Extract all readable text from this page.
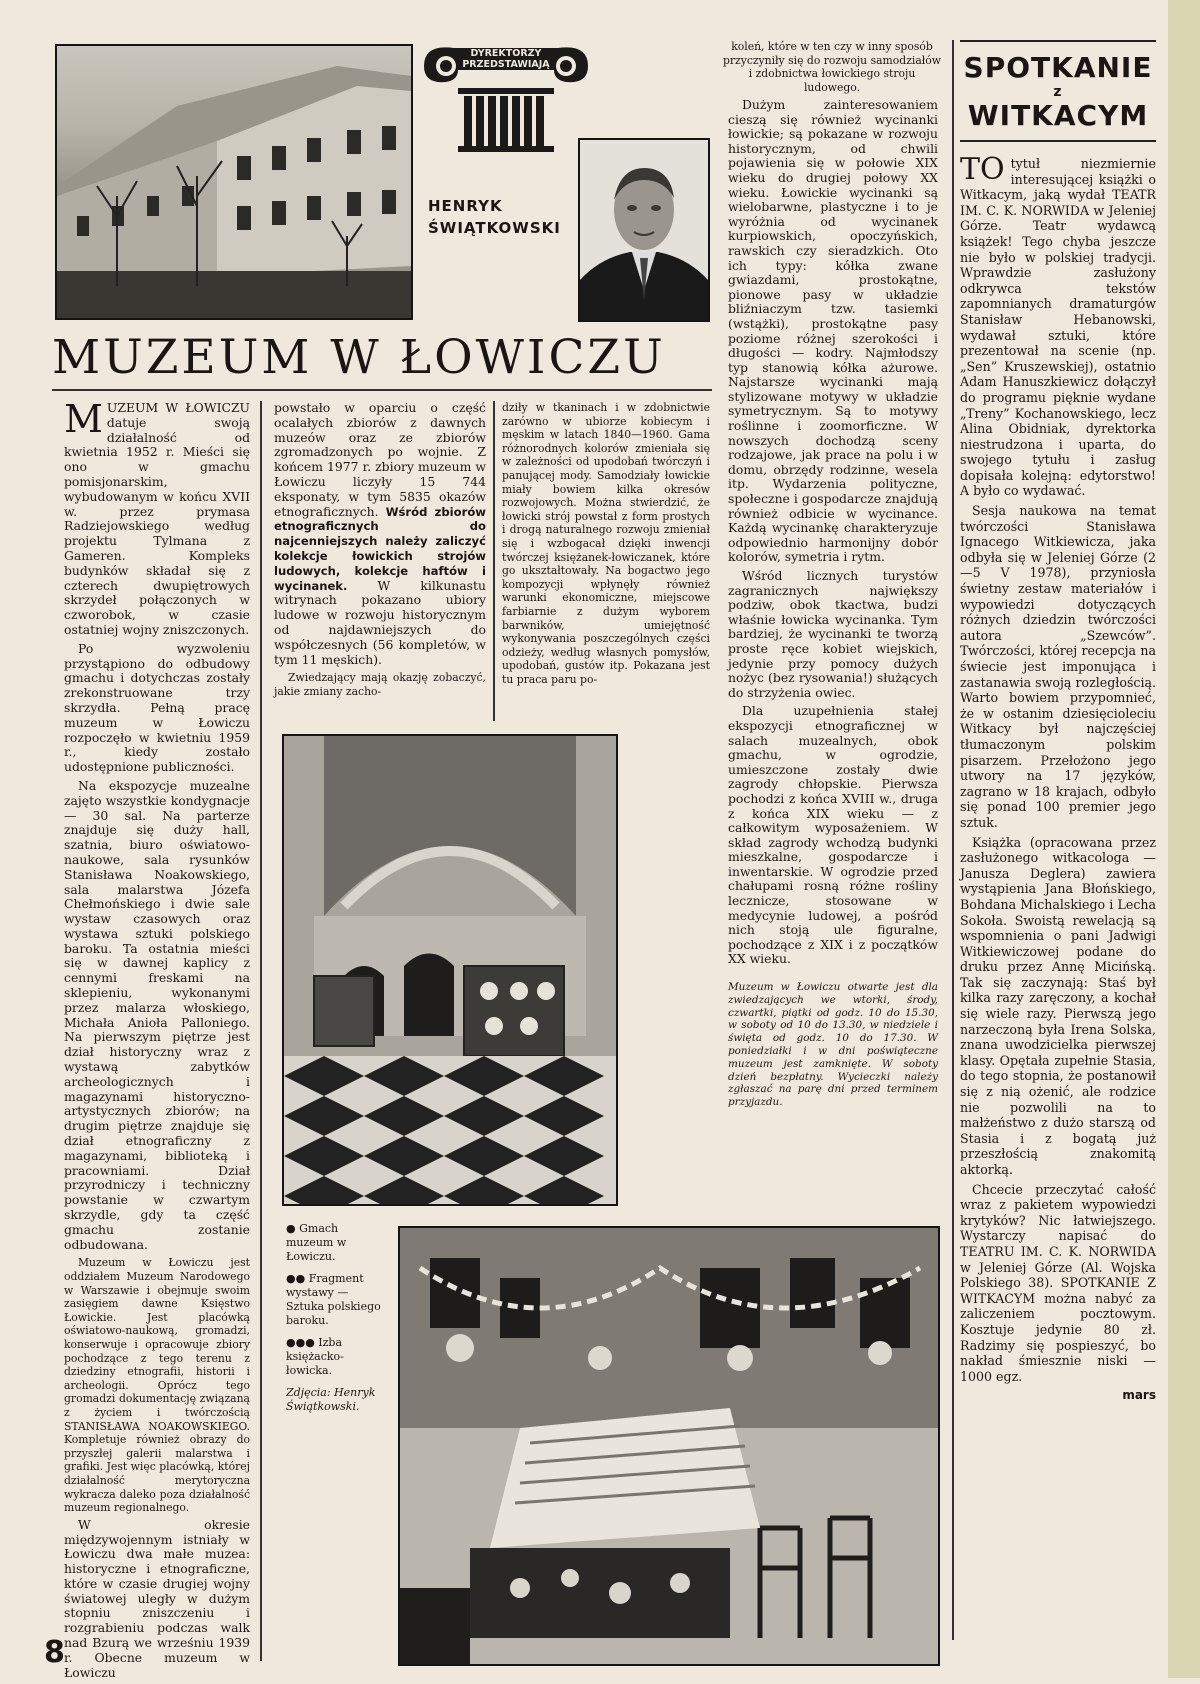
DYREKTORZY PRZEDSTAWIAJĄ MUZEA
HENRYK ŚWIĄTKOWSKI
MUZEUM W ŁOWICZU

MUZEUM W ŁOWICZU datuje swoją działalność od kwietnia 1952 r. Mieści się ono w gmachu pomisjonarskim, wybudowanym w końcu XVII w. przez prymasa Radziejowskiego według projektu Tylmana z Gameren. Kompleks budynków składał się z czterech dwupiętrowych skrzydeł połączonych w czworobok, w czasie ostatniej wojny zniszczonych.

Po wyzwoleniu przystąpiono do odbudowy gmachu i dotychczas zostały zrekonstruowane trzy skrzydła. Pełną pracę muzeum w Łowiczu rozpoczęło w kwietniu 1959 r., kiedy zostało udostępnione publiczności.

Na ekspozycje muzealne zajęto wszystkie kondygnacje — 30 sal. Na parterze znajduje się duży hall, szatnia, biuro oświatowo-naukowe, sala rysunków Stanisława Noakowskiego, sala malarstwa Józefa Chełmońskiego i dwie sale wystaw czasowych oraz wystawa sztuki polskiego baroku. Ta ostatnia mieści się w dawnej kaplicy z cennymi freskami na sklepieniu, wykonanymi przez malarza włoskiego, Michała Anioła Palloniego. Na pierwszym piętrze jest dział historyczny wraz z wystawą zabytków archeologicznych i magazynami historyczno-artystycznych zbiorów; na drugim piętrze znajduje się dział etnograficzny z magazynami, biblioteką i pracowniami. Dział przyrodniczy i techniczny powstanie w czwartym skrzydle, gdy ta część gmachu zostanie odbudowana.

Muzeum w Łowiczu jest oddziałem Muzeum Narodowego w Warszawie i obejmuje swoim zasięgiem dawne Księstwo Łowickie. Jest placówką oświatowo-naukową, gromadzi, konserwuje i opracowuje zbiory pochodzące z tego terenu z dziedziny etnografii, historii i archeologii. Oprócz tego gromadzi dokumentację związaną z życiem i twórczością STANISŁAWA NOAKOWSKIEGO. Kompletuje również obrazy do przyszłej galerii malarstwa i grafiki. Jest więc placówką, której działalność merytoryczna wykracza daleko poza działalność muzeum regionalnego.

W okresie międzywojennym istniały w Łowiczu dwa małe muzea: historyczne i etnograficzne, które w czasie drugiej wojny światowej uległy w dużym stopniu zniszczeniu i rozgrabieniu podczas walk nad Bzurą we wrześniu 1939 r. Obecne muzeum w Łowiczu

powstało w oparciu o część ocalałych zbiorów z dawnych muzeów oraz ze zbiorów zgromadzonych po wojnie. Z końcem 1977 r. zbiory muzeum w Łowiczu liczyły 15 744 eksponaty, w tym 5835 okazów etnograficznych. Wśród zbiorów etnograficznych do najcenniejszych należy zaliczyć kolekcje łowickich strojów ludowych, kolekcje haftów i wycinanek. W kilkunastu witrynach pokazano ubiory ludowe w rozwoju historycznym od najdawniejszych do współczesnych (56 kompletów, w tym 11 męskich).

Zwiedzający mają okazję zobaczyć, jakie zmiany zacho-

dziły w tkaninach i w zdobnictwie zarówno w ubiorze kobiecym i męskim w latach 1840—1960. Gama różnorodnych kolorów zmieniała się w zależności od upodobań twórczyń i panującej mody. Samodziały łowickie miały bowiem kilka okresów rozwojowych. Można stwierdzić, że łowicki strój powstał z form prostych i drogą naturalnego rozwoju zmieniał się i wzbogacał dzięki inwencji twórczej księżanek-łowiczanek, które go ukształtowały. Na bogactwo jego kompozycji wpłynęły również warunki ekonomiczne, miejscowe farbiarnie z dużym wyborem barwników, umiejętność wykonywania poszczególnych części odzieży, według własnych pomysłów, upodobań, gustów itp. Pokazana jest tu praca paru po-

● Gmach muzeum w Łowiczu.
●● Fragment wystawy — Sztuka polskiego baroku.
●●● Izba księżacko-łowicka.
Zdjęcia: Henryk Świątkowski.

koleń, które w ten czy w inny sposób przyczyniły się do rozwoju samodziałów i zdobnictwa łowickiego stroju ludowego.

Dużym zainteresowaniem cieszą się również wycinanki łowickie; są pokazane w rozwoju historycznym, od chwili pojawienia się w połowie XIX wieku do drugiej połowy XX wieku. Łowickie wycinanki są wielobarwne, plastyczne i to je wyróżnia od wycinanek kurpiowskich, opoczyńskich, rawskich czy sieradzkich. Oto ich typy: kółka zwane gwiazdami, prostokątne, pionowe pasy w układzie bliźniaczym tzw. tasiemki (wstążki), prostokątne pasy poziome różnej szerokości i długości — kodry. Najmłodszy typ stanowią kółka ażurowe. Najstarsze wycinanki mają stylizowane motywy w układzie symetrycznym. Są to motywy roślinne i zoomorficzne. W nowszych dochodzą sceny rodzajowe, jak prace na polu i w domu, obrzędy rodzinne, wesela itp. Wydarzenia polityczne, społeczne i gospodarcze znajdują również odbicie w wycinance. Każdą wycinankę charakteryzuje odpowiednio harmonijny dobór kolorów, symetria i rytm.

Wśród licznych turystów zagranicznych największy podziw, obok tkactwa, budzi właśnie łowicka wycinanka. Tym bardziej, że wycinanki te tworzą proste ręce kobiet wiejskich, jedynie przy pomocy dużych nożyc (bez rysowania!) służących do strzyżenia owiec.

Dla uzupełnienia stałej ekspozycji etnograficznej w salach muzealnych, obok gmachu, w ogrodzie, umieszczone zostały dwie zagrody chłopskie. Pierwsza pochodzi z końca XVIII w., druga z końca XIX wieku — z całkowitym wyposażeniem. W skład zagrody wchodzą budynki mieszkalne, gospodarcze i inwentarskie. W ogrodzie przed chałupami rosną różne rośliny lecznicze, stosowane w medycynie ludowej, a pośród nich stoją ule figuralne, pochodzące z XIX i z początków XX wieku.

Muzeum w Łowiczu otwarte jest dla zwiedzających we wtorki, środy, czwartki, piątki od godz. 10 do 15.30, w soboty od 10 do 13.30, w niedziele i święta od godz. 10 do 17.30. W poniedziałki i w dni poświąteczne muzeum jest zamknięte. W soboty dzień bezpłatny. Wycieczki należy zgłaszać na parę dni przed terminem przyjazdu.

SPOTKANIE
z
WITKACYM

TO tytuł niezmiernie interesującej książki o Witkacym, jaką wydał TEATR IM. C. K. NORWIDA w Jeleniej Górze. Teatr wydawcą książek! Tego chyba jeszcze nie było w polskiej tradycji. Wprawdzie zasłużony odkrywca tekstów zapomnianych dramaturgów Stanisław Hebanowski, wydawał sztuki, które prezentował na scenie (np. „Sen” Kruszewskiej), ostatnio Adam Hanuszkiewicz dołączył do programu pięknie wydane „Treny” Kochanowskiego, lecz Alina Obidniak, dyrektorka niestrudzona i uparta, do swojego tytułu i zasług dopisała kolejną: edytorstwo! A było co wydawać.

Sesja naukowa na temat twórczości Stanisława Ignacego Witkiewicza, jaka odbyła się w Jeleniej Górze (2—5 V 1978), przyniosła świetny zestaw materiałów i wypowiedzi dotyczących różnych dziedzin twórczości autora „Szewców”. Twórczości, której recepcja na świecie jest imponująca i zastanawia swoją rozległością. Warto bowiem przypomnieć, że w ostanim dziesięcioleciu Witkacy był najczęściej tłumaczonym polskim pisarzem. Przełożono jego utwory na 17 języków, zagrano w 18 krajach, odbyło się ponad 100 premier jego sztuk.

Książka (opracowana przez zasłużonego witkacologa — Janusza Deglera) zawiera wystąpienia Jana Błońskiego, Bohdana Michalskiego i Lecha Sokoła. Swoistą rewelacją są wspomnienia o pani Jadwigi Witkiewiczowej podane do druku przez Annę Micińską. Tak się zaczynają: Staś był kilka razy zaręczony, a kochał się wiele razy. Pierwszą jego narzeczoną była Irena Solska, znana uwodzicielka pierwszej klasy. Opętała zupełnie Stasia, do tego stopnia, że postanowił się z nią ożenić, ale rodzice nie pozwolili na to małżeństwo z dużo starszą od Stasia i z bogatą już przeszłością znakomitą aktorką.

Chcecie przeczytać całość wraz z pakietem wypowiedzi krytyków? Nic łatwiejszego. Wystarczy napisać do TEATRU IM. C. K. NORWIDA w Jeleniej Górze (Al. Wojska Polskiego 38). SPOTKANIE Z WITKACYM można nabyć za zaliczeniem pocztowym. Kosztuje jedynie 80 zł. Radzimy się pospieszyć, bo nakład śmiesznie niski — 1000 egz.

mars
8
